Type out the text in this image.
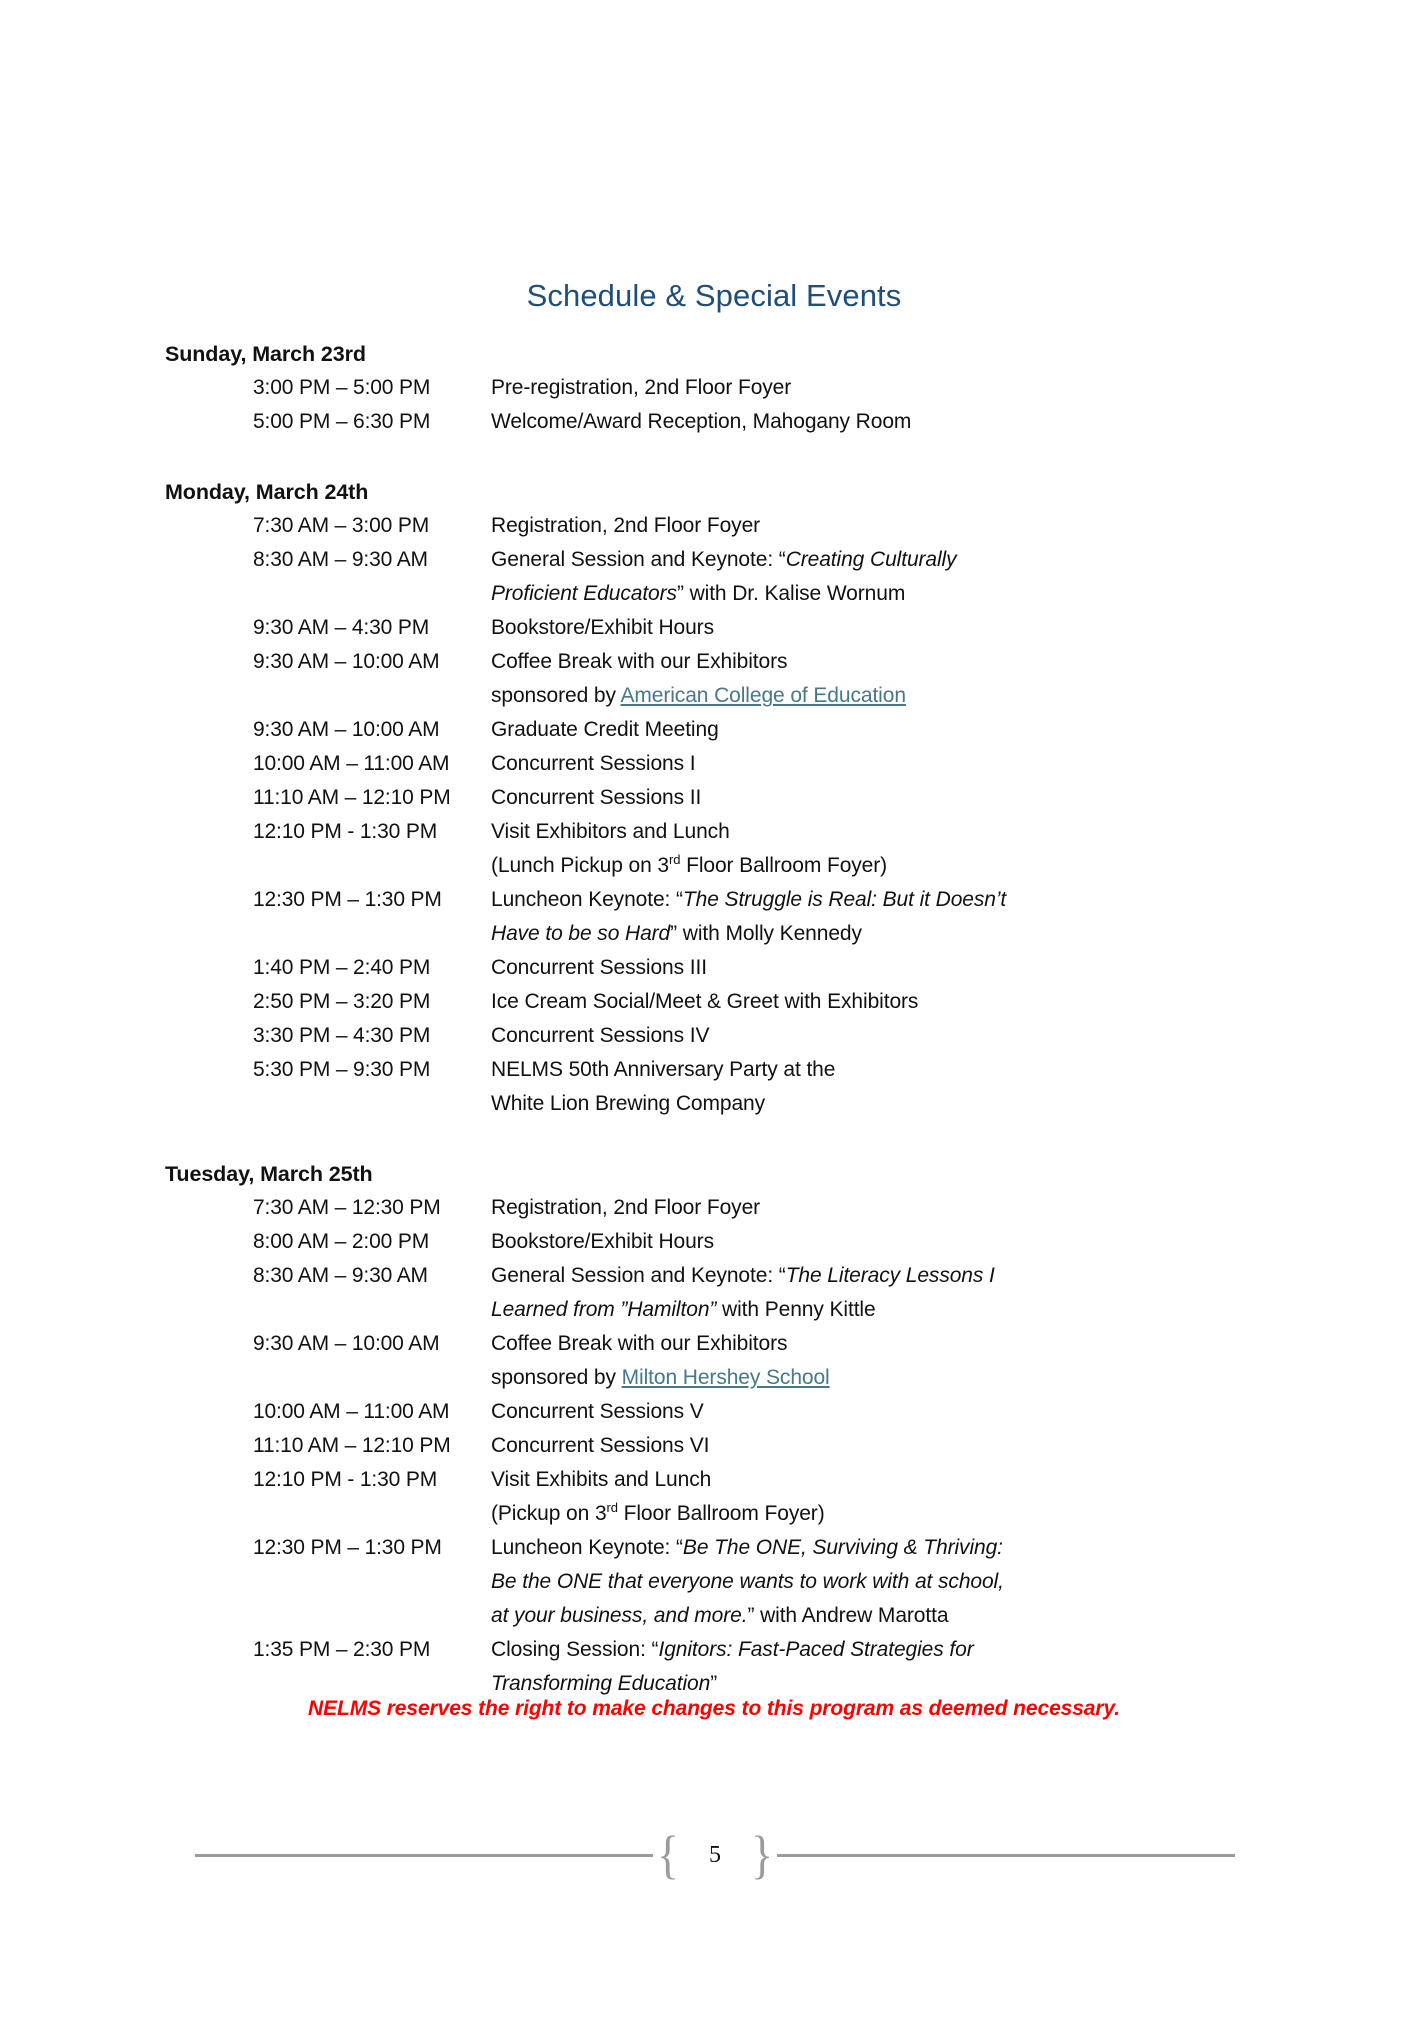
Schedule & Special Events
Sunday, March 23rd
3:00 PM – 5:00 PM	Pre-registration, 2nd Floor Foyer
5:00 PM – 6:30 PM	Welcome/Award Reception, Mahogany Room
Monday, March 24th
7:30 AM – 3:00 PM	Registration, 2nd Floor Foyer
8:30 AM – 9:30 AM	General Session and Keynote: “Creating Culturally
Proficient Educators” with Dr. Kalise Wornum
9:30 AM – 4:30 PM	Bookstore/Exhibit Hours
9:30 AM – 10:00 AM	Coffee Break with our Exhibitors
sponsored by American College of Education
9:30 AM – 10:00 AM	Graduate Credit Meeting
10:00 AM – 11:00 AM	Concurrent Sessions I
11:10 AM – 12:10 PM	Concurrent Sessions II
12:10 PM - 1:30 PM	Visit Exhibitors and Lunch
(Lunch Pickup on 3rd Floor Ballroom Foyer)
12:30 PM – 1:30 PM	Luncheon Keynote: “The Struggle is Real: But it Doesn’t
Have to be so Hard” with Molly Kennedy
1:40 PM – 2:40 PM	Concurrent Sessions III
2:50 PM – 3:20 PM	Ice Cream Social/Meet & Greet with Exhibitors
3:30 PM – 4:30 PM	Concurrent Sessions IV
5:30 PM – 9:30 PM	NELMS 50th Anniversary Party at the
White Lion Brewing Company
Tuesday, March 25th
7:30 AM – 12:30 PM	Registration, 2nd Floor Foyer
8:00 AM – 2:00 PM	Bookstore/Exhibit Hours
8:30 AM – 9:30 AM	General Session and Keynote: “The Literacy Lessons I
Learned from ”Hamilton” with Penny Kittle
9:30 AM – 10:00 AM	Coffee Break with our Exhibitors
sponsored by Milton Hershey School
10:00 AM – 11:00 AM	Concurrent Sessions V
11:10 AM – 12:10 PM	Concurrent Sessions VI
12:10 PM - 1:30 PM	Visit Exhibits and Lunch
(Pickup on 3rd Floor Ballroom Foyer)
12:30 PM – 1:30 PM	Luncheon Keynote: “Be The ONE, Surviving & Thriving:
Be the ONE that everyone wants to work with at school,
at your business, and more.” with Andrew Marotta
1:35 PM – 2:30 PM	Closing Session: “Ignitors: Fast-Paced Strategies for
Transforming Education”
NELMS reserves the right to make changes to this program as deemed necessary.
{	5 }
